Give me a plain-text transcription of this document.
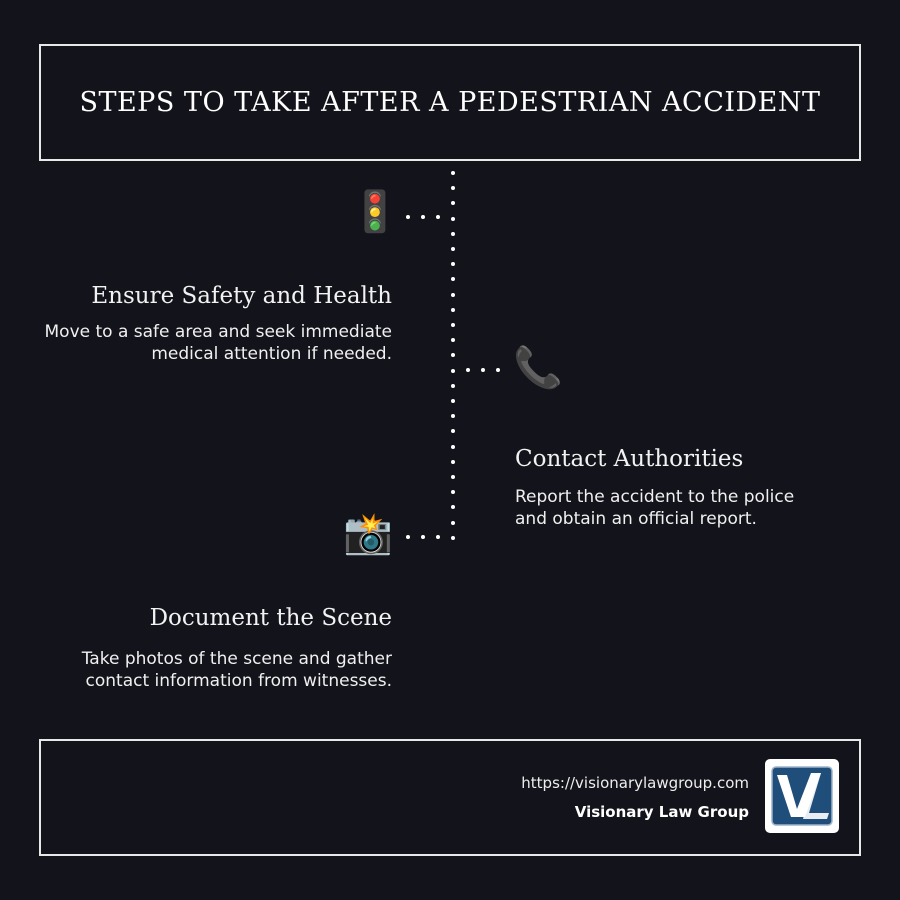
STEPS TO TAKE AFTER A PEDESTRIAN ACCIDENT
🚦
Ensure Safety and Health
Move to a safe area and seek immediate
medical attention if needed.	📞
Contact Authorities
Report the accident to the police
and obtain an official report.
📸
Document the Scene
Take photos of the scene and gather
contact information from witnesses.
https://visionarylawgroup.com
Visionary Law Group
